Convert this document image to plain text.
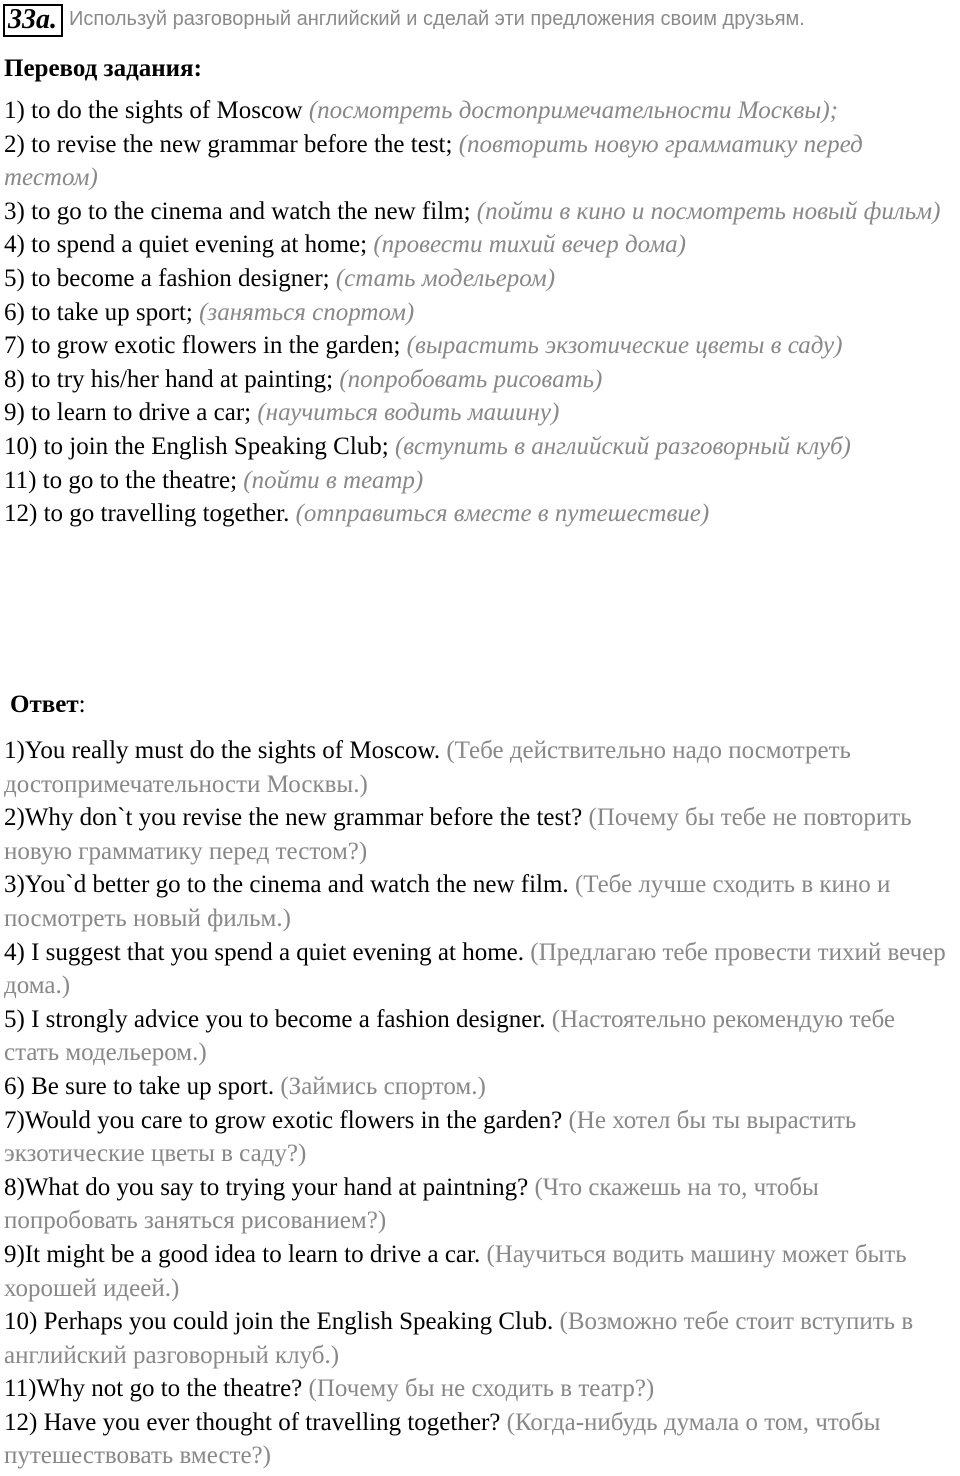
33a. Используй разговорный английский и сделай эти предложения своим друзьям.
Перевод задания:

1) to do the sights of Moscow (посмотреть достопримечательности Москвы);

2) to revise the new grammar before the test; (повторить новую грамматику перед тестом)

3) to go to the cinema and watch the new film; (пойти в кино и посмотреть новый фильм)

4) to spend a quiet evening at home; (провести тихий вечер дома)

5) to become a fashion designer; (стать модельером)

6) to take up sport; (заняться спортом)

7) to grow exotic flowers in the garden; (вырастить экзотические цветы в саду)

8) to try his/her hand at painting; (попробовать рисовать)

9) to learn to drive a car; (научиться водить машину)

10) to join the English Speaking Club; (вступить в английский разговорный клуб)

11) to go to the theatre; (пойти в театр)

12) to go travelling together. (отправиться вместе в путешествие)

Ответ:

1)You really must do the sights of Moscow. (Тебе действительно надо посмотреть достопримечательности Москвы.)

2)Why don`t you revise the new grammar before the test? (Почему бы тебе не повторить новую грамматику перед тестом?)

3)You`d better go to the cinema and watch the new film. (Тебе лучше сходить в кино и посмотреть новый фильм.)

4) I suggest that you spend a quiet evening at home. (Предлагаю тебе провести тихий вечер дома.)

5) I strongly advice you to become a fashion designer. (Настоятельно рекомендую тебе стать модельером.)

6) Be sure to take up sport. (Займись спортом.)

7)Would you care to grow exotic flowers in the garden? (Не хотел бы ты вырастить экзотические цветы в саду?)

8)What do you say to trying your hand at paintning? (Что скажешь на то, чтобы попробовать заняться рисованием?)

9)It might be a good idea to learn to drive a car. (Научиться водить машину может быть хорошей идеей.)

10) Perhaps you could join the English Speaking Club. (Возможно тебе стоит вступить в английский разговорный клуб.)

11)Why not go to the theatre? (Почему бы не сходить в театр?)

12) Have you ever thought of travelling together? (Когда-нибудь думала о том, чтобы путешествовать вместе?)
